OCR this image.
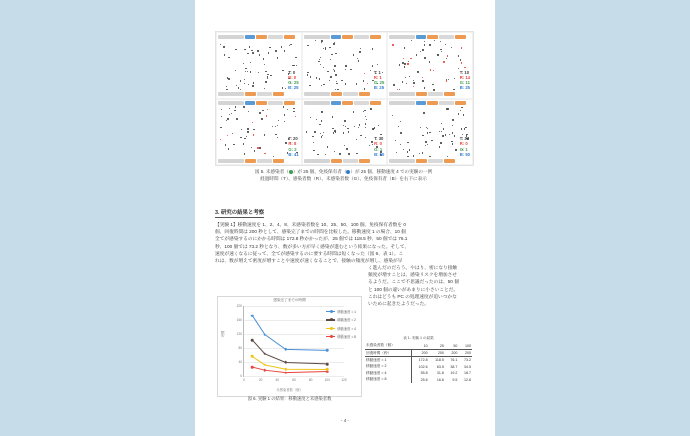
T: 0
R: 0
G: 25
B: 25
T: 1
R: 1
G: 25
B: 25
T: 10
R: 14
G: 11
B: 25
T: 20
R: 8
G: 2
B: 41
T: 30
R: 0
G: 1
B: 50
T: 37
R: 0
G: 1
B: 50
図 5. 未感染者（ ）が 25 個、免疫保有者（ ）が 25 個、移動速度 4 での実験の一例
経過時間（T）、感染者数（R）、未感染者数（G）、免疫保有者（B）を右下に表示
3. 研究の結果と考察
【実験 1】移動速度を 1、2、4、8、未感染者数を 10、25、50、100 個、免疫保有者数を 0
個、回復時間は 200 秒として、感染完了までの時間を比較した。移動速度 1 の場合、10 個
全てが感染するのにかかる時間は 172.8 秒かかったが、25 個では 118.5 秒、50 個では 76.1
秒、100 個では 73.2 秒となり、数が多い方が早く感染が進むという結果になった。そして、
速度が速くなるに従って、全てが感染するのに要する時間は短くなった（図 6、表 1）。こ
れは、数が増えて密度が増すことや速度が速くなることで、接触の頻度が増し、感染が早
感染完了までの時間
時間
0
40
80
120
160
200
0	20	40	60	80	100	120
未感染者数（個）
移動速度 = 1
移動速度 = 2
移動速度 = 4
移動速度 = 8
く進んだのだろう。やはり、密になり接触
頻度が増すことは、感染リスクを増加させ
るようだ。ここで不思議だったのは、50 個
と 100 個の違いがあまりに小さいことだ。
これはどうも PC の処理速度が追いつかな
いために起きたようだった。
表 1. 実験 1 の結果
未感染者数（個）	10	25	50	100
回復時間（秒）	200	200	200	200
移動速度 = 1	172.8	118.5	76.1	73.2
移動速度 = 2	102.6	63.5	38.7	34.5
移動速度 = 4	55.8	31.8	19.2	18.7
移動速度 = 8	25.6	16.6	9.5	12.8
図 6. 実験 1 の結果：移動速度と未感染者数
- 4 -
